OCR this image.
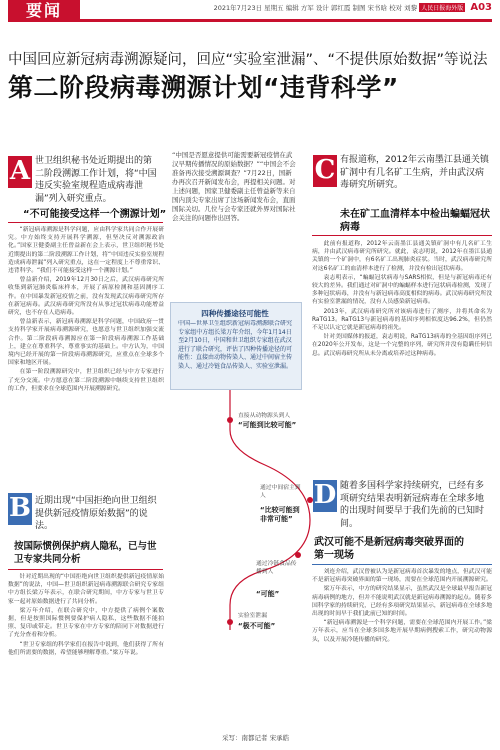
要闻	2021年7月23日 星期五 编辑 方军 设计 郭红霞 制图 宋书晗 校对 刘黎 人民日报海外版 A03
中国回应新冠病毒溯源疑问，回应“实验室泄漏”、“不提供原始数据”等说法
第二阶段病毒溯源计划“违背科学”
A 世卫组织秘书处近期提出的第二阶段溯源工作计划，将“中国违反实验室规程造成病毒泄漏”列入研究重点。
“不可能接受这样一个溯源计划”

“新冠病毒溯源是科学问题，应由科学家共同合作开展研究。中方始终支持开展科学溯源，但坚决反对溯源政治化。”国家卫健委副主任曾益新在会上表示，世卫组织秘书处近期提出的第二阶段溯源工作计划，将“中国违反实验室规程造成病毒泄漏”列入研究重点，这在一定程度上不尊重常识、违背科学。“我们不可能接受这样一个溯源计划。”

曾益新介绍，2019年12月30日之后，武汉病毒研究所收集到新冠肺炎临床样本，开展了病原检测和基因测序工作。在中国暴发新冠疫情之前，没有发现武汉病毒研究所存在新冠病毒。武汉病毒研究所没有从事过冠状病毒功能增益研究，也不存在人造病毒。

曾益新表示，新冠病毒溯源是科学问题，中国政府一贯支持科学家开展病毒溯源研究，也愿意与世卫组织加强交流合作。第二阶段病毒溯源应在第一阶段病毒溯源工作基础上，建立在尊重科学、尊重事实的基础上。中方认为，中国境内已经开展的第一阶段病毒溯源研究，应重点在全球多个国家和地区开展。

在第一阶段溯源研究中，世卫组织已经与中方专家进行了充分交流。中方愿意在第二阶段溯源中继续支持世卫组织的工作，但要求在全球范围内开展溯源研究。

“中国是否愿意提供可能需要新冠疫情在武汉早期传播情况的原始数据？”“中国会不会准备再次接受溯源调查？”7月22日，国新办再次召开新闻发布会，再提相关问题。对上述问题，国家卫健委副主任曾益新等来自国内顶尖专家出席了这场新闻发布会，直面国际关切。几位与会专家还就外界对国际社会关注的问题作出回答。
四种传播途径可能性
中国—世界卫生组织新冠病毒溯源联合研究专家组中方组长梁万年介绍，今年1月14日至2月10日，中国和世卫组织专家组在武汉进行了联合研究，评估了四种传播途径的可能性：直接由动物传染人、通过中间宿主传染人、通过冷链食品传染人、实验室泄漏。
直接从动物源头到人
“可能到比较可能”
通过中间宿主到人
“比较可能到非常可能”
通过冷链食品传播到人
“可能”
实验室泄漏
“极不可能”
C 有报道称，2012年云南墨江县通关镇矿洞中有几名矿工生病，并由武汉病毒研究所研究。
未在矿工血清样本中检出蝙蝠冠状病毒

此前有报道称，2012年云南墨江县通关镇矿洞中有几名矿工生病，并由武汉病毒研究所研究。就此，袁志明说，2012年在墨江县通关镇的一个矿洞中，有6名矿工出现肺炎症状。当时，武汉病毒研究所对这6名矿工的血清样本进行了检测，并没有检出冠状病毒。

袁志明表示，“蝙蝠冠状病毒与SARS相似，但是与新冠病毒还有较大的差异。我们通过对矿洞中的蝙蝠样本进行冠状病毒检测，发现了多种冠状病毒，并没有与新冠病毒高度相似的病毒。武汉病毒研究所没有实验室泄漏的情况，没有人员感染新冠病毒。

2013年，武汉病毒研究所对该病毒进行了测序，并将其命名为RaTG13。RaTG13与新冠病毒的基因序列相似度达96.2%，但仍然不足以认定它就是新冠病毒的祖先。

针对美国媒体的报道，袁志明说，RaTG13病毒的全基因组序列已在2020年公开发布，这是一个完整的序列，研究所并没有隐瞒任何信息。武汉病毒研究所从未分离或培养过这种病毒。

B 近期出现“中国拒绝向世卫组织提供新冠疫情原始数据”的说法。
按国际惯例保护病人隐私，已与世卫专家共同分析

针对近期出现的“中国拒绝向世卫组织提供新冠疫情原始数据”的说法，中国—世卫组织新冠病毒溯源联合研究专家组中方组长梁万年表示，在联合研究期间，中方专家与世卫专家一起对原始数据进行了共同分析。

梁万年介绍，在联合研究中，中方提供了病例个案数据，但是按照国际惯例要保护病人隐私，这些数据不能拍照、复印或带走。世卫专家在中方专家的陪同下对数据进行了充分查看和分析。

“世卫专家组的科学家们在报告中说到，他们获得了所有他们所需要的数据，希望能够理解尊重。”梁万年说。

D 随着多国科学家持续研究，已经有多项研究结果表明新冠病毒在全球多地的出现时间要早于我们先前的已知时间。
武汉可能不是新冠病毒突破界面的第一现场

刘连介绍，武汉曾被认为是新冠病毒首次暴发的地点，但武汉可能不是新冠病毒突破界面的第一现场，需要在全球范围内开展溯源研究。

梁万年表示，中方的研究结果显示，虽然武汉是全球最早报告新冠病毒病例的地方，但并不能说明武汉就是新冠病毒溯源的起点。随着多国科学家的持续研究，已经有多项研究结果显示，新冠病毒在全球多地出现的时间早于我们此前已知的时间。

“新冠病毒溯源是一个科学问题，需要在全球范围内开展工作。”梁万年表示，应当在全球多国多地开展早期病例搜索工作，研究动物源头，以及开展冷链传播的研究。

采写：南都记者 宋承皓
